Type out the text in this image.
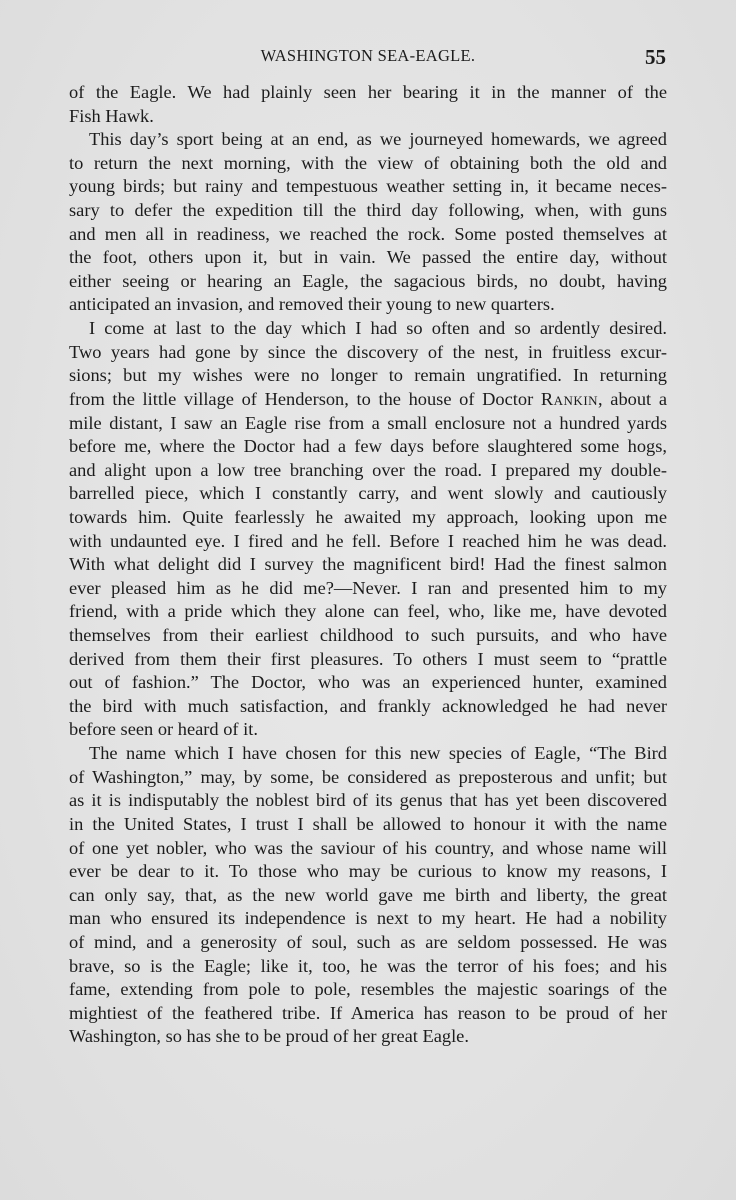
WASHINGTON SEA-EAGLE.	55
of the Eagle. We had plainly seen her bearing it in the manner of the
Fish Hawk.
This day’s sport being at an end, as we journeyed homewards, we agreed
to return the next morning, with the view of obtaining both the old and
young birds; but rainy and tempestuous weather setting in, it became neces-
sary to defer the expedition till the third day following, when, with guns
and men all in readiness, we reached the rock. Some posted themselves at
the foot, others upon it, but in vain. We passed the entire day, without
either seeing or hearing an Eagle, the sagacious birds, no doubt, having
anticipated an invasion, and removed their young to new quarters.
I come at last to the day which I had so often and so ardently desired.
Two years had gone by since the discovery of the nest, in fruitless excur-
sions; but my wishes were no longer to remain ungratified. In returning
from the little village of Henderson, to the house of Doctor Rankin, about a
mile distant, I saw an Eagle rise from a small enclosure not a hundred yards
before me, where the Doctor had a few days before slaughtered some hogs,
and alight upon a low tree branching over the road. I prepared my double-
barrelled piece, which I constantly carry, and went slowly and cautiously
towards him. Quite fearlessly he awaited my approach, looking upon me
with undaunted eye. I fired and he fell. Before I reached him he was dead.
With what delight did I survey the magnificent bird! Had the finest salmon
ever pleased him as he did me?—Never. I ran and presented him to my
friend, with a pride which they alone can feel, who, like me, have devoted
themselves from their earliest childhood to such pursuits, and who have
derived from them their first pleasures. To others I must seem to “prattle
out of fashion.” The Doctor, who was an experienced hunter, examined
the bird with much satisfaction, and frankly acknowledged he had never
before seen or heard of it.
The name which I have chosen for this new species of Eagle, “The Bird
of Washington,” may, by some, be considered as preposterous and unfit; but
as it is indisputably the noblest bird of its genus that has yet been discovered
in the United States, I trust I shall be allowed to honour it with the name
of one yet nobler, who was the saviour of his country, and whose name will
ever be dear to it. To those who may be curious to know my reasons, I
can only say, that, as the new world gave me birth and liberty, the great
man who ensured its independence is next to my heart. He had a nobility
of mind, and a generosity of soul, such as are seldom possessed. He was
brave, so is the Eagle; like it, too, he was the terror of his foes; and his
fame, extending from pole to pole, resembles the majestic soarings of the
mightiest of the feathered tribe. If America has reason to be proud of her
Washington, so has she to be proud of her great Eagle.
